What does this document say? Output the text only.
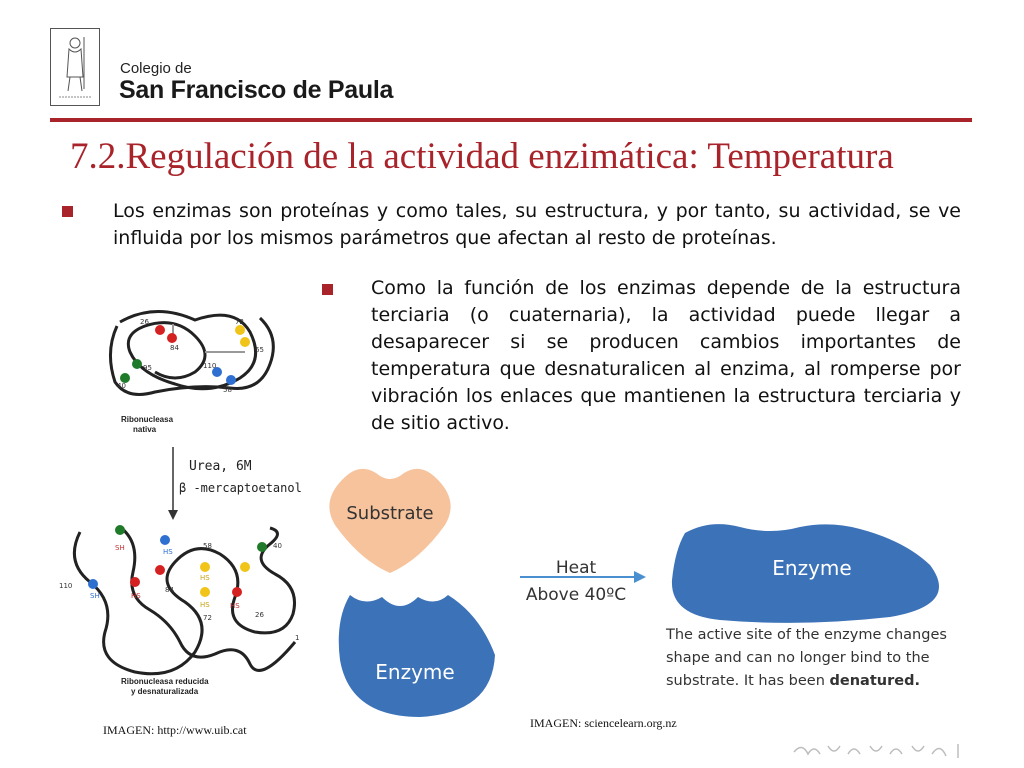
Colegio de
San Francisco de Paula
7.2.Regulación de la actividad enzimática: Temperatura
Los enzimas son proteínas y como tales, su estructura, y por tanto, su actividad, se ve influida por los mismos parámetros que afectan al resto de proteínas.
Como la función de los enzimas depende de la estructura terciaria (o cuaternaria), la actividad puede llegar a desaparecer si se producen cambios importantes de temperatura que desnaturalicen al enzima, al romperse por vibración los enlaces que mantienen la estructura terciaria y de sitio activo.
26
84
95	110
40
72
65
58
Ribonucleasa
nativa
Urea, 6M
β -mercaptoetanol
SH	HS
HS
HS
HS	HS
SH
84
58	40
26
72
110
1
Ribonucleasa reducida
y desnaturalizada
IMAGEN: http://www.uib.cat
Substrate
Enzyme
Heat
Above 40ºC
Enzyme
The active site of the enzyme changes
shape and can no longer bind to the
substrate. It has been denatured.
IMAGEN: sciencelearn.org.nz
